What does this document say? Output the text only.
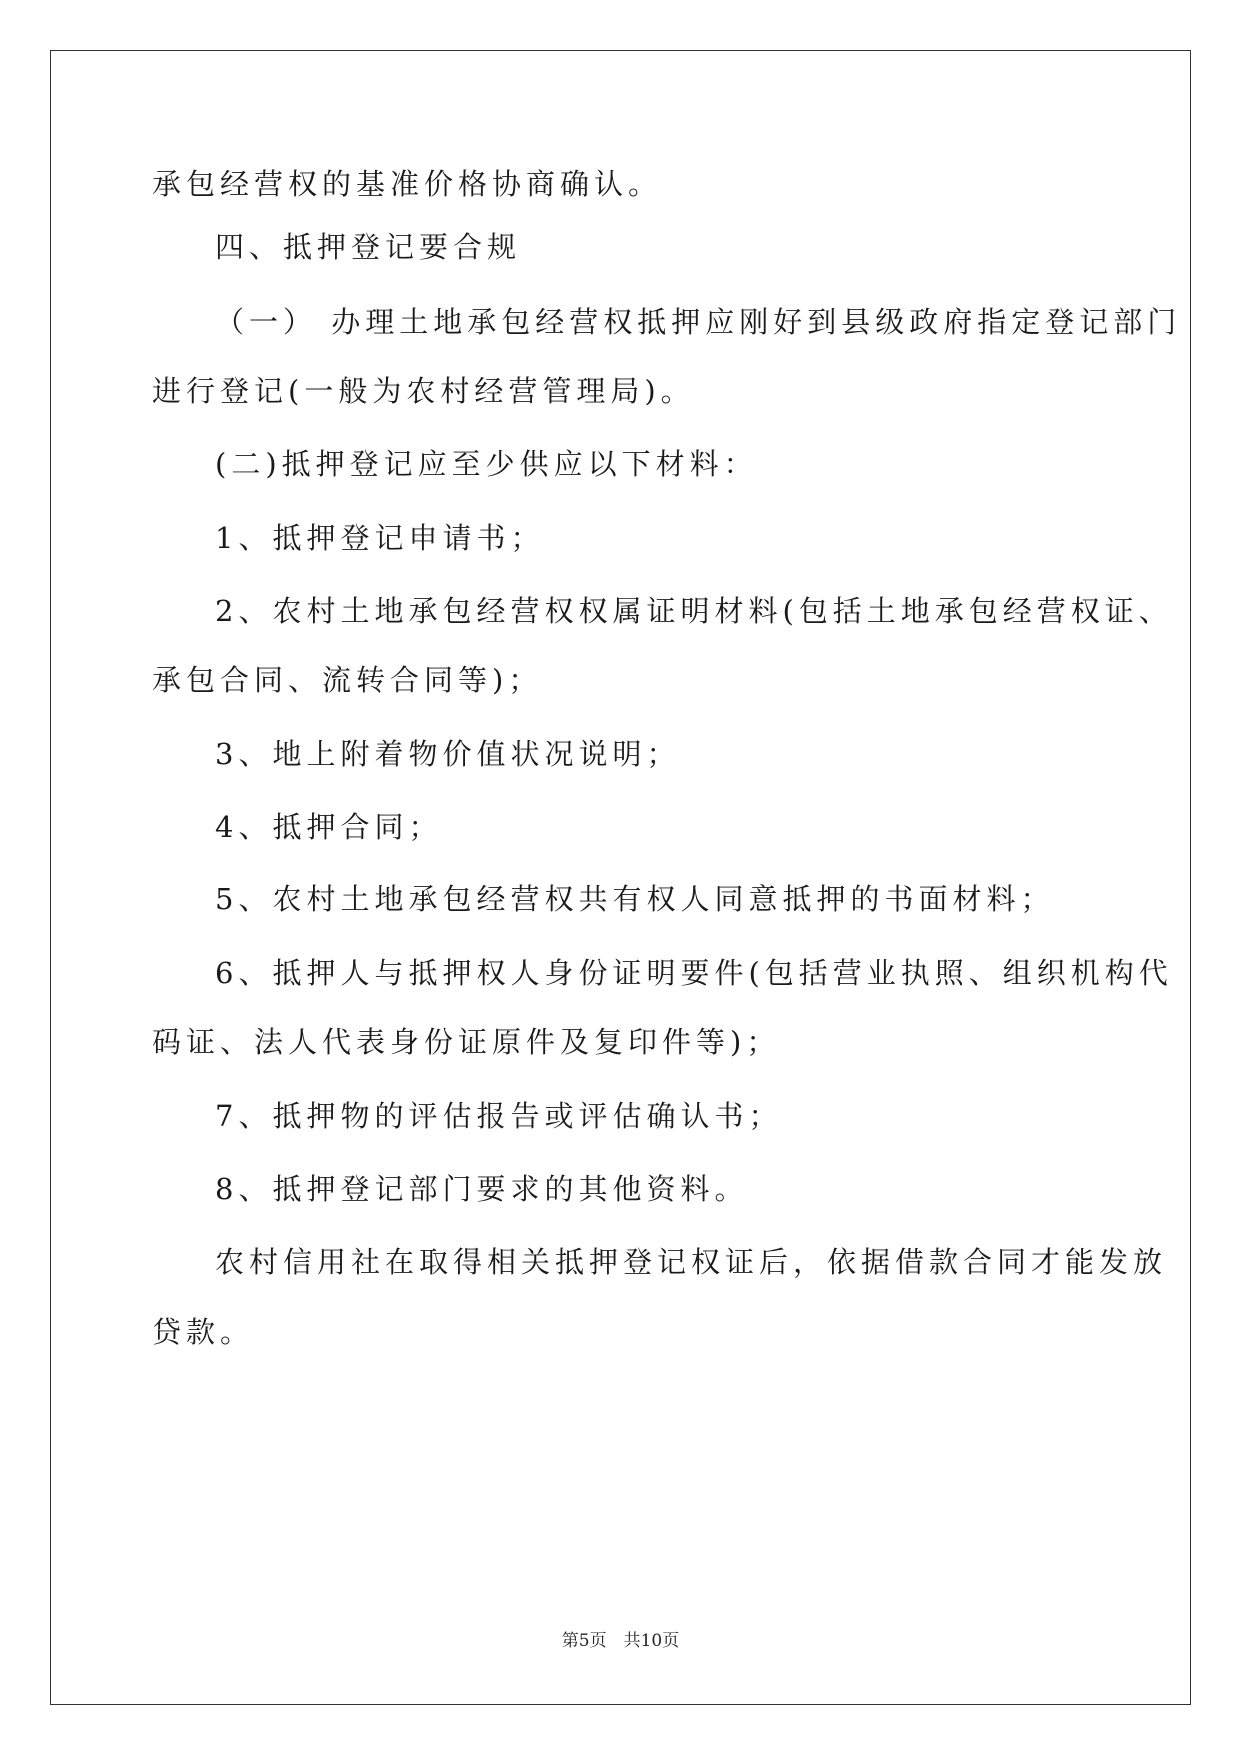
承包经营权的基准价格协商确认。
四、抵押登记要合规
（一） 办理土地承包经营权抵押应刚好到县级政府指定登记部门
进行登记(一般为农村经营管理局)。
(二)抵押登记应至少供应以下材料：
1、抵押登记申请书；
2、农村土地承包经营权权属证明材料(包括土地承包经营权证、
承包合同、流转合同等)；
3、地上附着物价值状况说明；
4、抵押合同；
5、农村土地承包经营权共有权人同意抵押的书面材料；
6、抵押人与抵押权人身份证明要件(包括营业执照、组织机构代
码证、法人代表身份证原件及复印件等)；
7、抵押物的评估报告或评估确认书；
8、抵押登记部门要求的其他资料。
农村信用社在取得相关抵押登记权证后，依据借款合同才能发放
贷款。
第5页　共10页
